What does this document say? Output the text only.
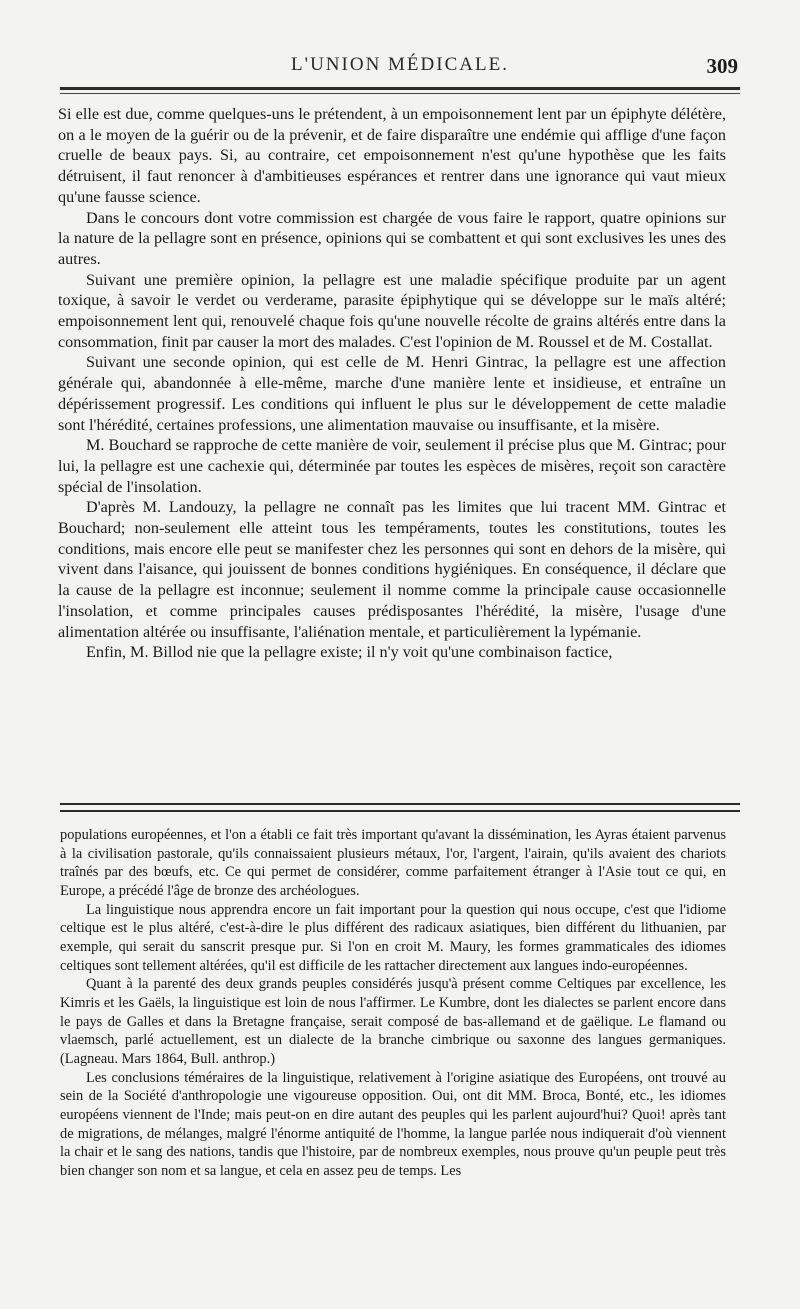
L'UNION MÉDICALE.	309

Si elle est due, comme quelques-uns le prétendent, à un empoisonnement lent par un épiphyte délétère, on a le moyen de la guérir ou de la prévenir, et de faire disparaître une endémie qui afflige d'une façon cruelle de beaux pays. Si, au contraire, cet empoisonnement n'est qu'une hypothèse que les faits détruisent, il faut renoncer à d'ambitieuses espérances et rentrer dans une ignorance qui vaut mieux qu'une fausse science.

Dans le concours dont votre commission est chargée de vous faire le rapport, quatre opinions sur la nature de la pellagre sont en présence, opinions qui se combattent et qui sont exclusives les unes des autres.

Suivant une première opinion, la pellagre est une maladie spécifique produite par un agent toxique, à savoir le verdet ou verderame, parasite épiphytique qui se développe sur le maïs altéré; empoisonnement lent qui, renouvelé chaque fois qu'une nouvelle récolte de grains altérés entre dans la consommation, finit par causer la mort des malades. C'est l'opinion de M. Roussel et de M. Costallat.

Suivant une seconde opinion, qui est celle de M. Henri Gintrac, la pellagre est une affection générale qui, abandonnée à elle-même, marche d'une manière lente et insidieuse, et entraîne un dépérissement progressif. Les conditions qui influent le plus sur le développement de cette maladie sont l'hérédité, certaines professions, une alimentation mauvaise ou insuffisante, et la misère.

M. Bouchard se rapproche de cette manière de voir, seulement il précise plus que M. Gintrac; pour lui, la pellagre est une cachexie qui, déterminée par toutes les espèces de misères, reçoit son caractère spécial de l'insolation.

D'après M. Landouzy, la pellagre ne connaît pas les limites que lui tracent MM. Gintrac et Bouchard; non-seulement elle atteint tous les tempéraments, toutes les constitutions, toutes les conditions, mais encore elle peut se manifester chez les personnes qui sont en dehors de la misère, qui vivent dans l'aisance, qui jouissent de bonnes conditions hygiéniques. En conséquence, il déclare que la cause de la pellagre est inconnue; seulement il nomme comme la principale cause occasionnelle l'insolation, et comme principales causes prédisposantes l'hérédité, la misère, l'usage d'une alimentation altérée ou insuffisante, l'aliénation mentale, et particulièrement la lypémanie.

Enfin, M. Billod nie que la pellagre existe; il n'y voit qu'une combinaison factice,

populations européennes, et l'on a établi ce fait très important qu'avant la dissémination, les Ayras étaient parvenus à la civilisation pastorale, qu'ils connaissaient plusieurs métaux, l'or, l'argent, l'airain, qu'ils avaient des chariots traînés par des bœufs, etc. Ce qui permet de considérer, comme parfaitement étranger à l'Asie tout ce qui, en Europe, a précédé l'âge de bronze des archéologues.

La linguistique nous apprendra encore un fait important pour la question qui nous occupe, c'est que l'idiome celtique est le plus altéré, c'est-à-dire le plus différent des radicaux asiatiques, bien différent du lithuanien, par exemple, qui serait du sanscrit presque pur. Si l'on en croit M. Maury, les formes grammaticales des idiomes celtiques sont tellement altérées, qu'il est difficile de les rattacher directement aux langues indo-européennes.

Quant à la parenté des deux grands peuples considérés jusqu'à présent comme Celtiques par excellence, les Kimris et les Gaëls, la linguistique est loin de nous l'affirmer. Le Kumbre, dont les dialectes se parlent encore dans le pays de Galles et dans la Bretagne française, serait composé de bas-allemand et de gaëlique. Le flamand ou vlaemsch, parlé actuellement, est un dialecte de la branche cimbrique ou saxonne des langues germaniques. (Lagneau. Mars 1864, Bull. anthrop.)

Les conclusions téméraires de la linguistique, relativement à l'origine asiatique des Européens, ont trouvé au sein de la Société d'anthropologie une vigoureuse opposition. Oui, ont dit MM. Broca, Bonté, etc., les idiomes européens viennent de l'Inde; mais peut-on en dire autant des peuples qui les parlent aujourd'hui? Quoi! après tant de migrations, de mélanges, malgré l'énorme antiquité de l'homme, la langue parlée nous indiquerait d'où viennent la chair et le sang des nations, tandis que l'histoire, par de nombreux exemples, nous prouve qu'un peuple peut très bien changer son nom et sa langue, et cela en assez peu de temps. Les
